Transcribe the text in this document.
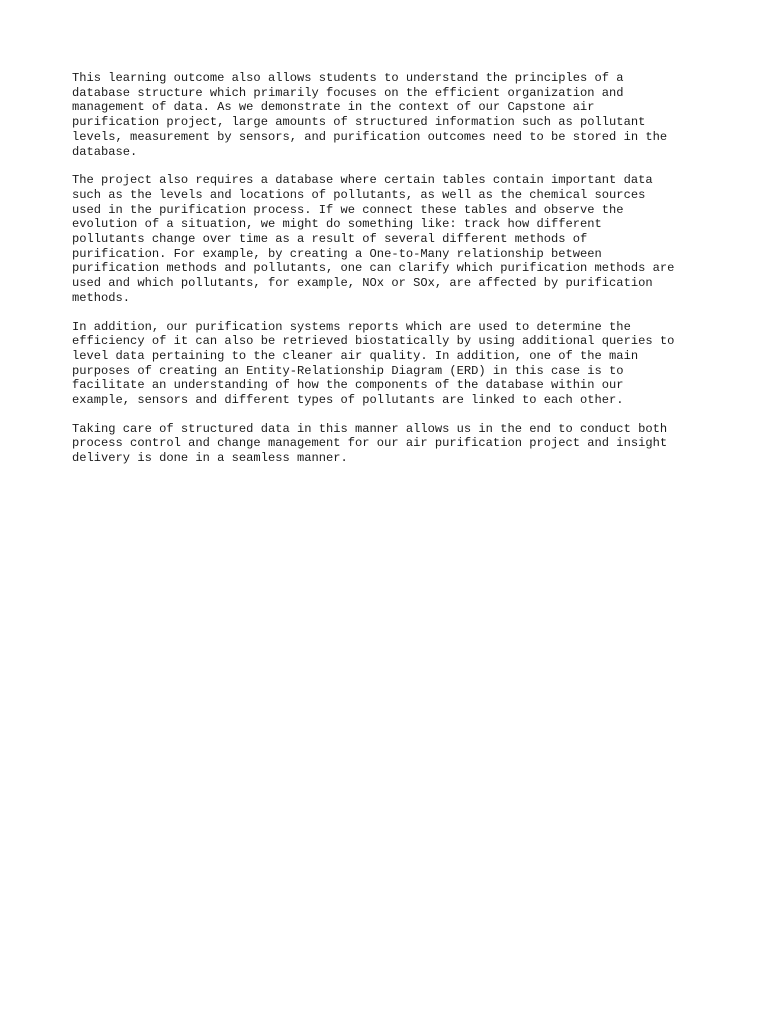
This learning outcome also allows students to understand the principles of a
database structure which primarily focuses on the efficient organization and
management of data. As we demonstrate in the context of our Capstone air
purification project, large amounts of structured information such as pollutant
levels, measurement by sensors, and purification outcomes need to be stored in the
database.

The project also requires a database where certain tables contain important data
such as the levels and locations of pollutants, as well as the chemical sources
used in the purification process. If we connect these tables and observe the
evolution of a situation, we might do something like: track how different
pollutants change over time as a result of several different methods of
purification. For example, by creating a One-to-Many relationship between
purification methods and pollutants, one can clarify which purification methods are
used and which pollutants, for example, NOx or SOx, are affected by purification
methods.

In addition, our purification systems reports which are used to determine the
efficiency of it can also be retrieved biostatically by using additional queries to
level data pertaining to the cleaner air quality. In addition, one of the main
purposes of creating an Entity-Relationship Diagram (ERD) in this case is to
facilitate an understanding of how the components of the database within our
example, sensors and different types of pollutants are linked to each other.

Taking care of structured data in this manner allows us in the end to conduct both
process control and change management for our air purification project and insight
delivery is done in a seamless manner.
